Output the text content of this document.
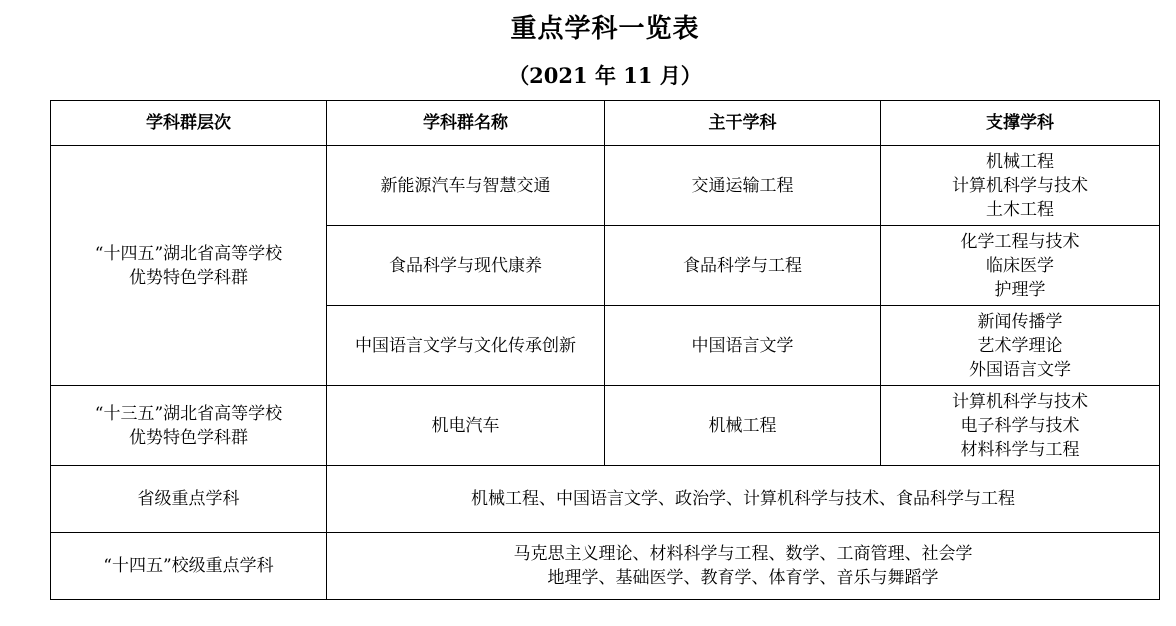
重点学科一览表
（2021 年 11 月）
学科群层次	学科群名称	主干学科	支撑学科

“十四五”湖北省高等学校
优势特色学科群	新能源汽车与智慧交通	交通运输工程	机械工程
计算机科学与技术
土木工程

	食品科学与现代康养	食品科学与工程	化学工程与技术
临床医学
护理学

	中国语言文学与文化传承创新	中国语言文学	新闻传播学
艺术学理论
外国语言文学

“十三五”湖北省高等学校
优势特色学科群	机电汽车	机械工程	计算机科学与技术
电子科学与技术
材料科学与工程

省级重点学科	机械工程、中国语言文学、政治学、计算机科学与技术、食品科学与工程		

“十四五”校级重点学科	马克思主义理论、材料科学与工程、数学、工商管理、社会学
地理学、基础医学、教育学、体育学、音乐与舞蹈学		
